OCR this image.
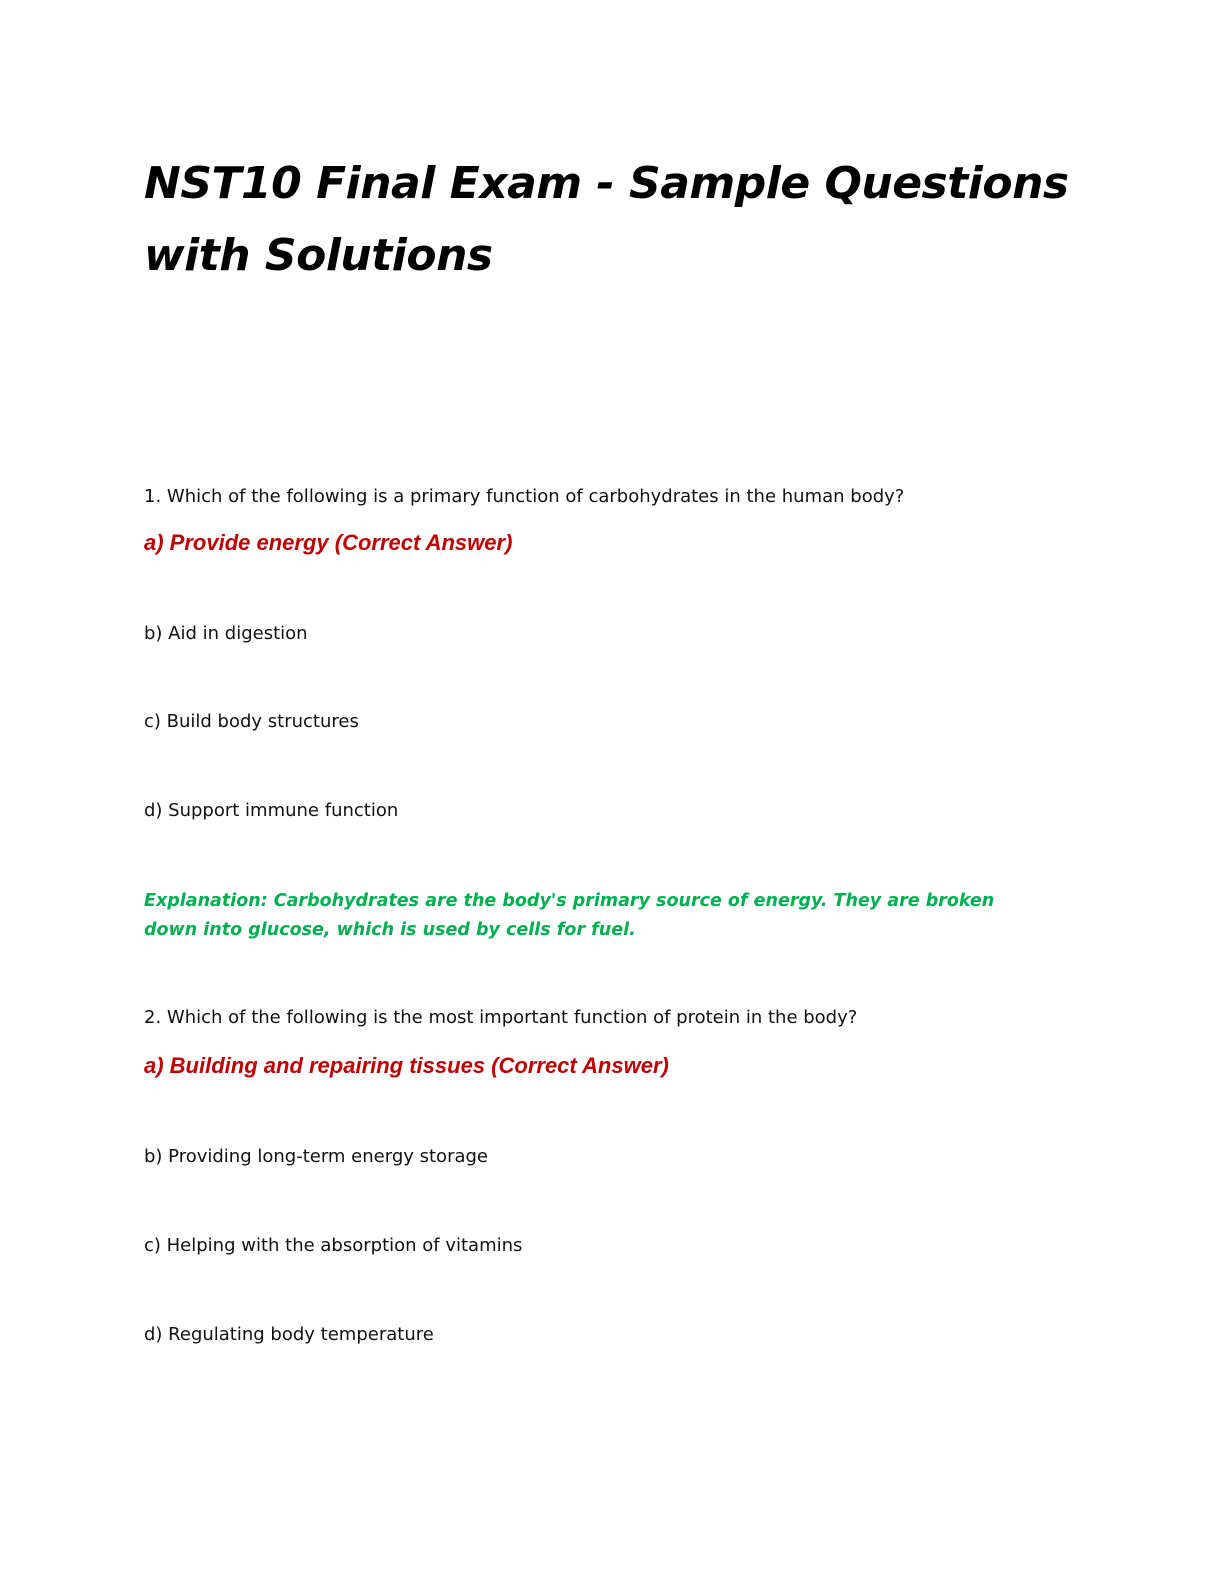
NST10 Final Exam - Sample Questions with Solutions

1. Which of the following is a primary function of carbohydrates in the human body?

a) Provide energy (Correct Answer)

b) Aid in digestion

c) Build body structures

d) Support immune function

Explanation: Carbohydrates are the body's primary source of energy. They are broken down into glucose, which is used by cells for fuel.

2. Which of the following is the most important function of protein in the body?

a) Building and repairing tissues (Correct Answer)

b) Providing long-term energy storage

c) Helping with the absorption of vitamins

d) Regulating body temperature
